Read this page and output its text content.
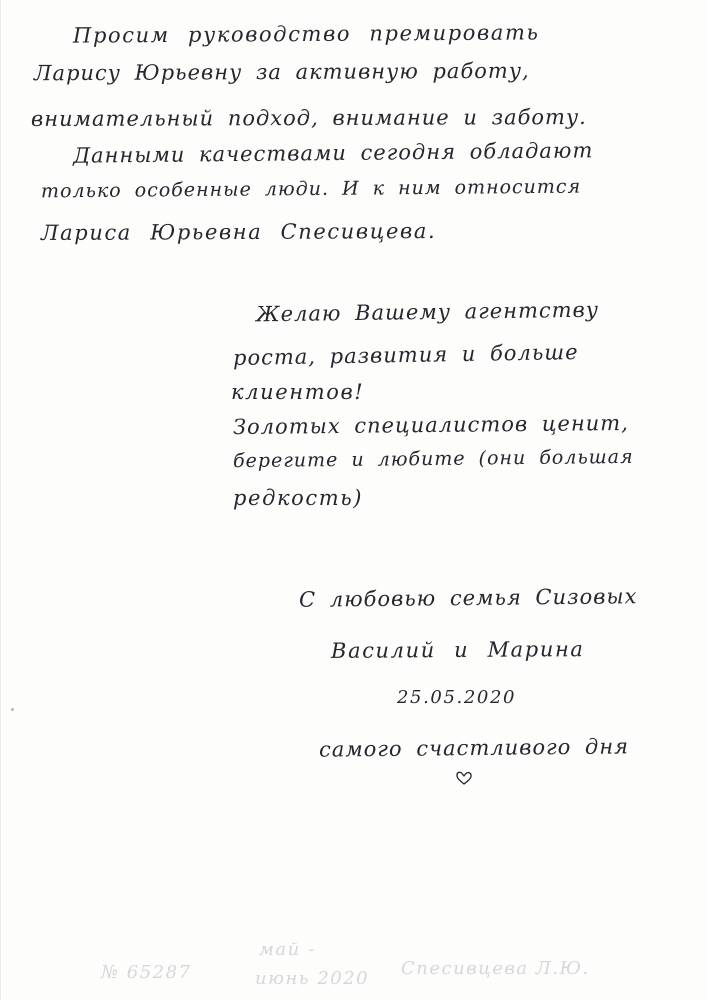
Просим руководство премировать

Ларису Юрьевну за активную работу,

внимательный подход, внимание и заботу.

Данными качествами сегодня обладают

только особенные люди. И к ним относится

Лариса Юрьевна Спесивцева.

Желаю Вашему агентству

роста, развития и больше

клиентов!

Золотых специалистов ценит,

берегите и любите (они большая

редкость)

С любовью семья Сизовых

Василий и Марина

25.05.2020

самого счастливого дня

№ 65287

май -

июнь 2020 Спесивцева Л.Ю.
